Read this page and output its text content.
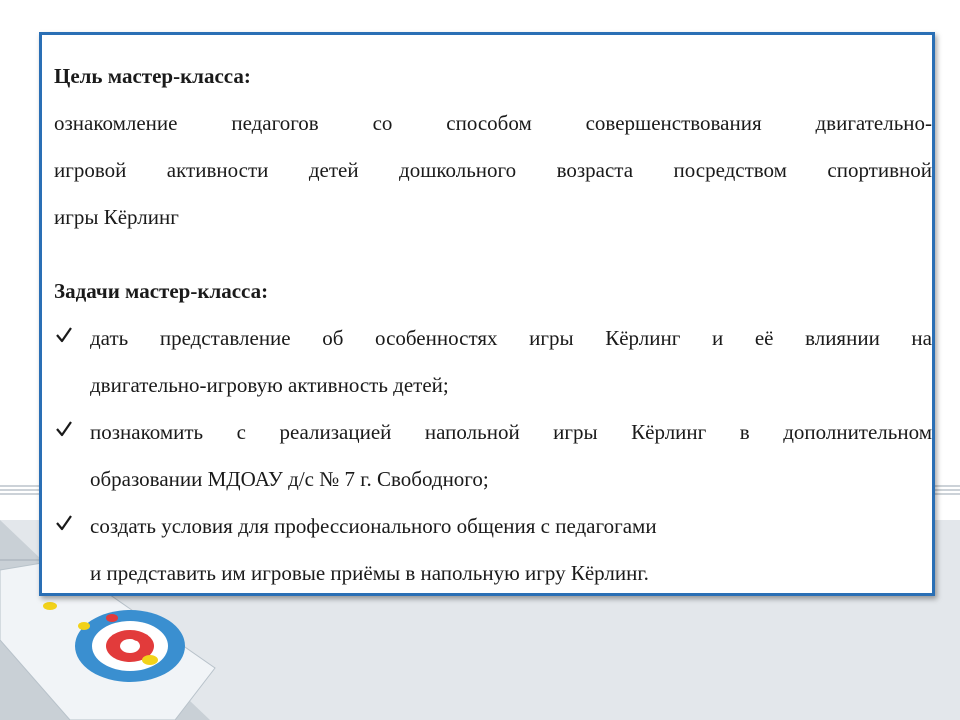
Цель мастер-класса:
ознакомление педагогов со способом совершенствования двигательно-
игровой активности детей дошкольного возраста посредством спортивной
игры Кёрлинг
Задачи мастер-класса:
дать представление об особенностях игры Кёрлинг и её влиянии на
двигательно-игровую активность детей;
познакомить с реализацией напольной игры Кёрлинг в дополнительном
образовании МДОАУ д/с № 7 г. Свободного;
создать условия для профессионального общения с педагогами
и представить им игровые приёмы в напольную игру Кёрлинг.
